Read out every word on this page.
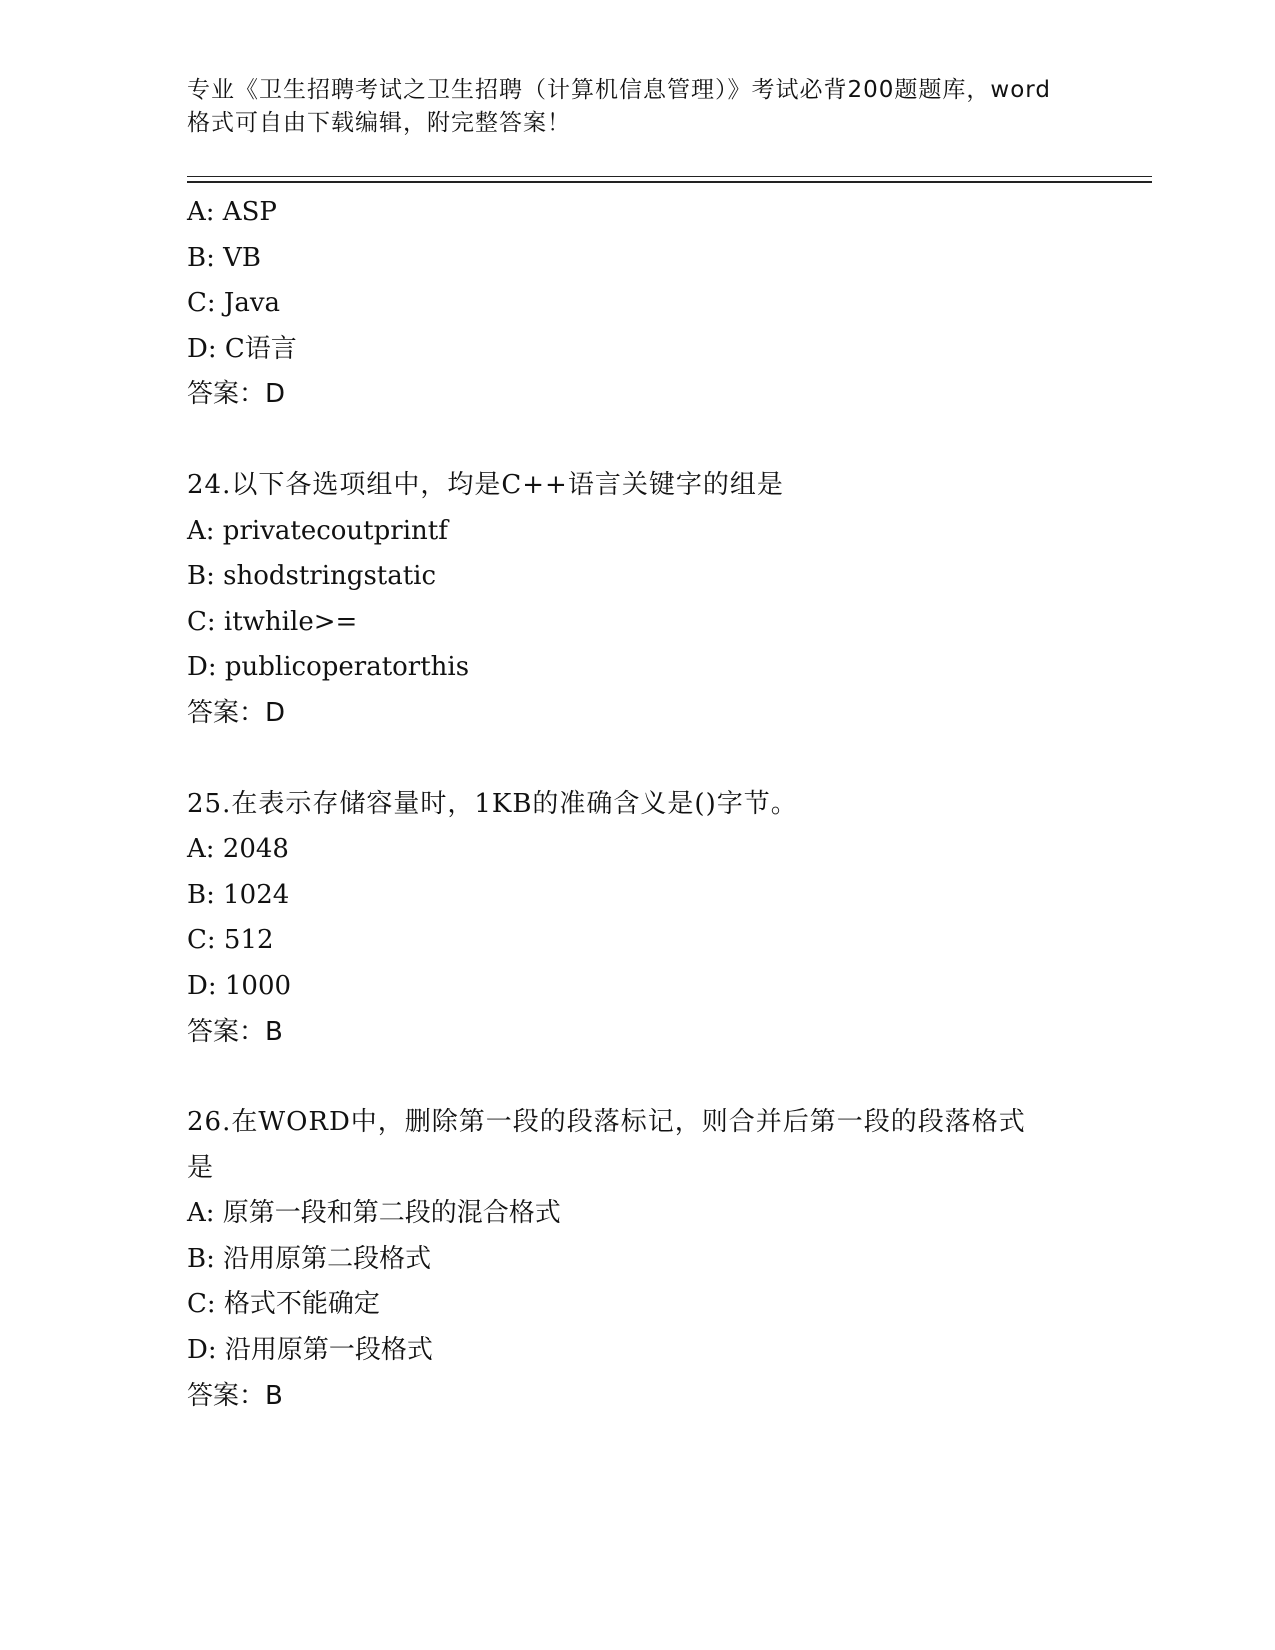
专业《卫生招聘考试之卫生招聘（计算机信息管理）》考试必背200题题库，word
格式可自由下载编辑，附完整答案！
A: ASP
B: VB
C: Java
D: C语言
答案：D
24.以下各选项组中，均是C++语言关键字的组是
A: privatecoutprintf
B: shodstringstatic
C: itwhile>=
D: publicoperatorthis
答案：D
25.在表示存储容量时，1KB的准确含义是()字节。
A: 2048
B: 1024
C: 512
D: 1000
答案：B
26.在WORD中，删除第一段的段落标记，则合并后第一段的段落格式
是
A: 原第一段和第二段的混合格式
B: 沿用原第二段格式
C: 格式不能确定
D: 沿用原第一段格式
答案：B
